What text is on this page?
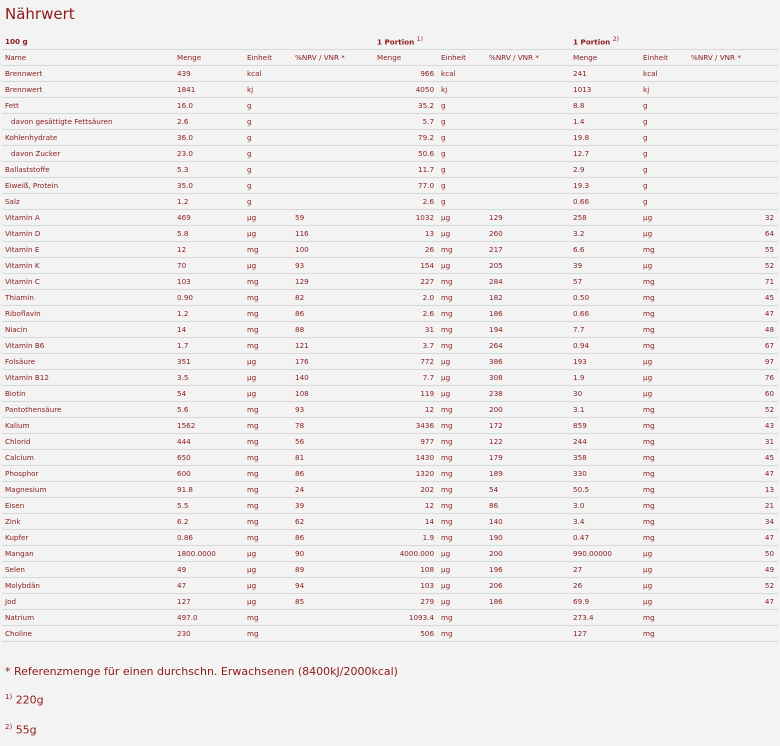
Nährwert
100 g				1 Portion $^{1)}$			1 Portion $^{2)}$
Name	Menge	Einheit	%NRV / VNR *	Menge	Einheit	%NRV / VNR *	Menge	Einheit	%NRV / VNR *
Brennwert	439	kcal		966	kcal		241	kcal	
Brennwert	1841	kj		4050	kj		1013	kj	
Fett	16.0	g		35.2	g		8.8	g	
davon gesättigte Fettsäuren	2.6	g		5.7	g		1.4	g	
Kohlenhydrate	36.0	g		79.2	g		19.8	g	
davon Zucker	23.0	g		50.6	g		12.7	g	
Ballaststoffe	5.3	g		11.7	g		2.9	g	
Eiweiß, Protein	35.0	g		77.0	g		19.3	g	
Salz	1.2	g		2.6	g		0.66	g	
Vitamin A	469	µg	59	1032	µg	129	258	µg	32
Vitamin D	5.8	µg	116	13	µg	260	3.2	µg	64
Vitamin E	12	mg	100	26	mg	217	6.6	mg	55
Vitamin K	70	µg	93	154	µg	205	39	µg	52
Vitamin C	103	mg	129	227	mg	284	57	mg	71
Thiamin	0.90	mg	82	2.0	mg	182	0.50	mg	45
Riboflavin	1.2	mg	86	2.6	mg	186	0.66	mg	47
Niacin	14	mg	88	31	mg	194	7.7	mg	48
Vitamin B6	1.7	mg	121	3.7	mg	264	0.94	mg	67
Folsäure	351	µg	176	772	µg	386	193	µg	97
Vitamin B12	3.5	µg	140	7.7	µg	308	1.9	µg	76
Biotin	54	µg	108	119	µg	238	30	µg	60
Pantothensäure	5.6	mg	93	12	mg	200	3.1	mg	52
Kalium	1562	mg	78	3436	mg	172	859	mg	43
Chlorid	444	mg	56	977	mg	122	244	mg	31
Calcium	650	mg	81	1430	mg	179	358	mg	45
Phosphor	600	mg	86	1320	mg	189	330	mg	47
Magnesium	91.8	mg	24	202	mg	54	50.5	mg	13
Eisen	5.5	mg	39	12	mg	86	3.0	mg	21
Zink	6.2	mg	62	14	mg	140	3.4	mg	34
Kupfer	0.86	mg	86	1.9	mg	190	0.47	mg	47
Mangan	1800.0000	µg	90	4000.000	µg	200	990.00000	µg	50
Selen	49	µg	89	108	µg	196	27	µg	49
Molybdän	47	µg	94	103	µg	206	26	µg	52
Jod	127	µg	85	279	µg	186	69.9	µg	47
Natrium	497.0	mg		1093.4	mg		273.4	mg	
Choline	230	mg		506	mg		127	mg	
* Referenzmenge für einen durchschn. Erwachsenen (8400kJ/2000kcal)
$^{1)}$ 220g
$^{2)}$ 55g
